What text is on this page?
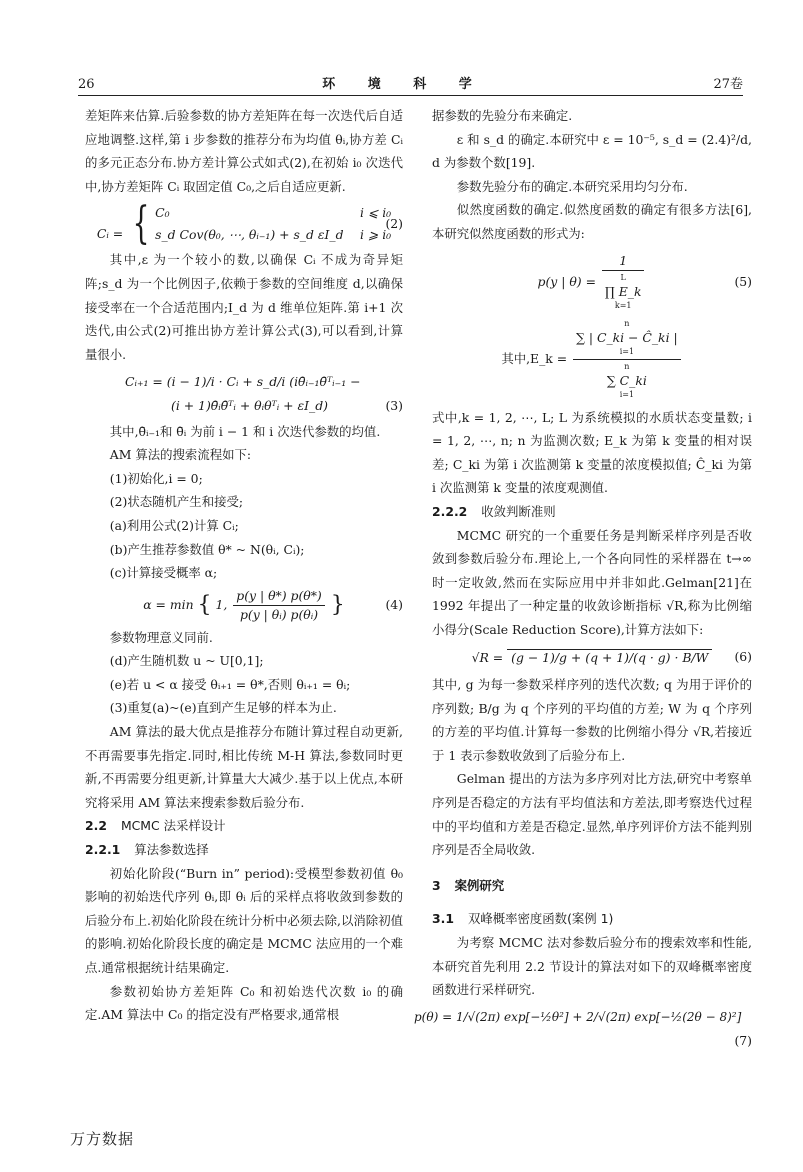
26	环 境 科 学	27卷

差矩阵来估算.后验参数的协方差矩阵在每一次迭代后自适应地调整.这样,第 i 步参数的推荐分布为均值 θᵢ,协方差 Cᵢ 的多元正态分布.协方差计算公式如式(2),在初始 i₀ 次迭代中,协方差矩阵 Cᵢ 取固定值 C₀,之后自适应更新.

Cᵢ = { C₀	i ⩽ i₀
s_d Cov(θ₀, ⋯, θᵢ₋₁) + s_d εI_d i ⩾ i₀
(2)

其中,ε 为一个较小的数,以确保 Cᵢ 不成为奇异矩阵;s_d 为一个比例因子,依赖于参数的空间维度 d,以确保接受率在一个合适范围内;I_d 为 d 维单位矩阵.第 i+1 次迭代,由公式(2)可推出协方差计算公式(3),可以看到,计算量很小.

Cᵢ₊₁ = (i − 1)/i · Cᵢ + s_d/i (iθ̄ᵢ₋₁θ̄ᵀᵢ₋₁ −
(i + 1)θ̄ᵢθ̄ᵀᵢ + θᵢθᵀᵢ + εI_d)	(3)

其中,θ̄ᵢ₋₁和 θ̄ᵢ 为前 i − 1 和 i 次迭代参数的均值.

AM 算法的搜索流程如下:

(1)初始化,i = 0;

(2)状态随机产生和接受;

(a)利用公式(2)计算 Cᵢ;

(b)产生推荐参数值 θ* ~ N(θᵢ, Cᵢ);

(c)计算接受概率 α;

α = min { 1, $\frac{p(y | \theta*) p(\theta*)}{\text{p(y | θᵢ) p(θᵢ)}}$ }	(4)

参数物理意义同前.

(d)产生随机数 u ~ U[0,1];

(e)若 u < α 接受 θᵢ₊₁ = θ*,否则 θᵢ₊₁ = θᵢ;

(3)重复(a)~(e)直到产生足够的样本为止.

AM 算法的最大优点是推荐分布随计算过程自动更新,不再需要事先指定.同时,相比传统 M-H 算法,参数同时更新,不再需要分组更新,计算量大大减少.基于以上优点,本研究将采用 AM 算法来搜索参数后验分布.

2.2 MCMC 法采样设计

2.2.1 算法参数选择

初始化阶段(“Burn in” period):受模型参数初值 θ₀ 影响的初始迭代序列 θᵢ,即 θᵢ 后的采样点将收敛到参数的后验分布上.初始化阶段在统计分析中必须去除,以消除初值的影响.初始化阶段长度的确定是 MCMC 法应用的一个难点.通常根据统计结果确定.

参数初始协方差矩阵 C₀ 和初始迭代次数 i₀ 的确定.AM 算法中 C₀ 的指定没有严格要求,通常根

据参数的先验分布来确定.

ε 和 s_d 的确定.本研究中 ε = 10⁻⁵, s_d = (2.4)²/d, d 为参数个数[19].

参数先验分布的确定.本研究采用均匀分布.

似然度函数的确定.似然度函数的确定有很多方法[6],本研究似然度函数的形式为:

p(y | θ) = 1
L
∏ E_k
k=1	(5)
其中,E_k = n
∑ | C_ki − Ĉ_ki |
i=1
n
∑ C_ki
i=1

式中,k = 1, 2, ⋯, L; L 为系统模拟的水质状态变量数; i = 1, 2, ⋯, n; n 为监测次数; E_k 为第 k 变量的相对误差; C_ki 为第 i 次监测第 k 变量的浓度模拟值; Ĉ_ki 为第 i 次监测第 k 变量的浓度观测值.

2.2.2 收敛判断准则

MCMC 研究的一个重要任务是判断采样序列是否收敛到参数后验分布.理论上,一个各向同性的采样器在 t→∞时一定收敛,然而在实际应用中并非如此.Gelman[21]在 1992 年提出了一种定量的收敛诊断指标 √R,称为比例缩小得分(Scale Reduction Score),计算方法如下:

√R = (g − 1)/g + (q + 1)/(q · g) · B/W (6)

其中, g 为每一参数采样序列的迭代次数; q 为用于评价的序列数; B/g 为 q 个序列的平均值的方差; W 为 q 个序列的方差的平均值.计算每一参数的比例缩小得分 √R,若接近于 1 表示参数收敛到了后验分布上.

Gelman 提出的方法为多序列对比方法,研究中考察单序列是否稳定的方法有平均值法和方差法,即考察迭代过程中的平均值和方差是否稳定.显然,单序列评价方法不能判别序列是否全局收敛.

3 案例研究

3.1 双峰概率密度函数(案例 1)

为考察 MCMC 法对参数后验分布的搜索效率和性能,本研究首先利用 2.2 节设计的算法对如下的双峰概率密度函数进行采样研究.

p(θ) = 1/√(2π) exp[−½θ²] + 2/√(2π) exp[−½(2θ − 8)²]
(7)
万方数据
